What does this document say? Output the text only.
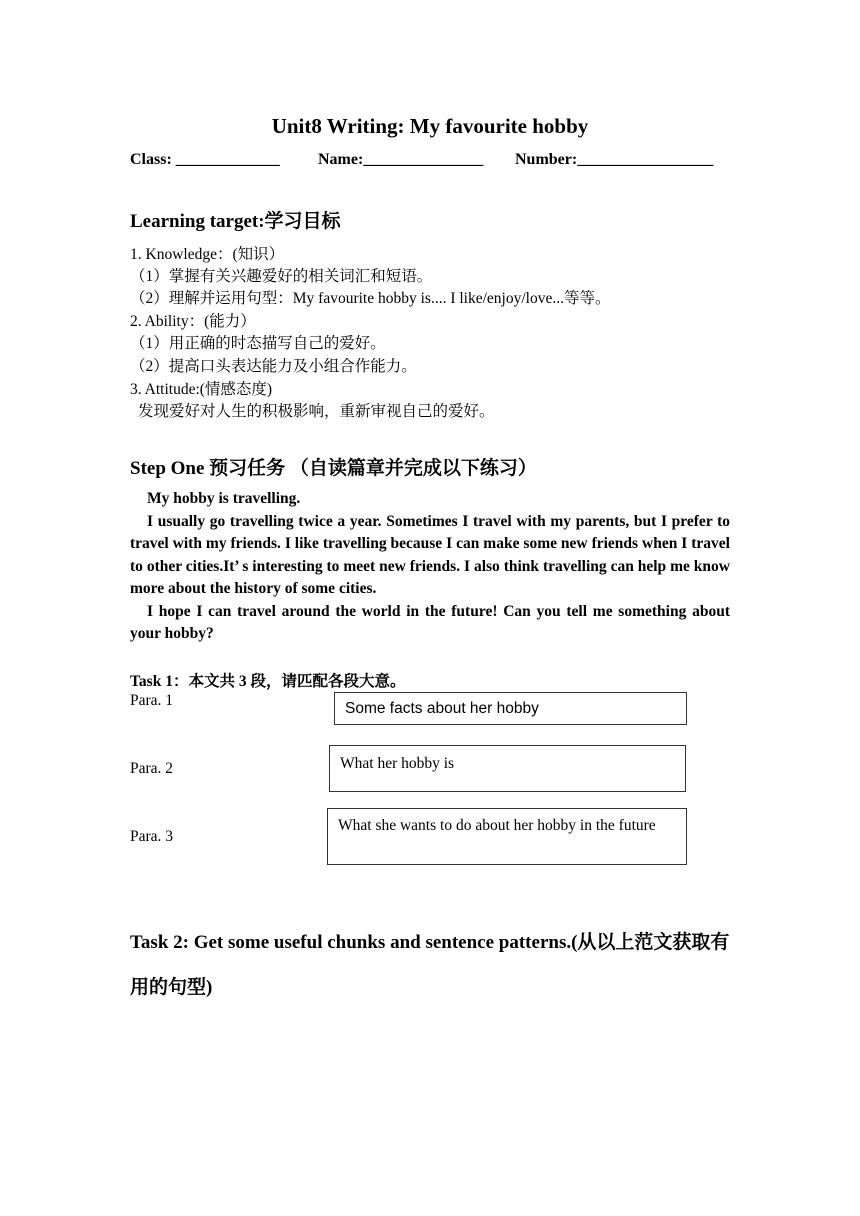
Unit8 Writing: My favourite hobby
Class: _____________ Name:_______________ Number:_________________
Learning target:学习目标
1. Knowledge：(知识）
（1）掌握有关兴趣爱好的相关词汇和短语。
（2）理解并运用句型：My favourite hobby is.... I like/enjoy/love...等等。
2. Ability：(能力）
（1）用正确的时态描写自己的爱好。
（2）提高口头表达能力及小组合作能力。
3. Attitude:(情感态度)
发现爱好对人生的积极影响，重新审视自己的爱好。
Step One 预习任务 （自读篇章并完成以下练习）

My hobby is travelling.

I usually go travelling twice a year. Sometimes I travel with my parents, but I prefer to travel with my friends. I like travelling because I can make some new friends when I travel to other cities.It’ s interesting to meet new friends. I also think travelling can help me know more about the history of some cities.

I hope I can travel around the world in the future! Can you tell me something about your hobby?

Task 1：本文共 3 段，请匹配各段大意。
Para. 1
Para. 2
Para. 3
Some facts about her hobby
What her hobby is
What she wants to do about her hobby in the future
Task 2: Get some useful chunks and sentence patterns.(从以上范文获取有用的句型)
